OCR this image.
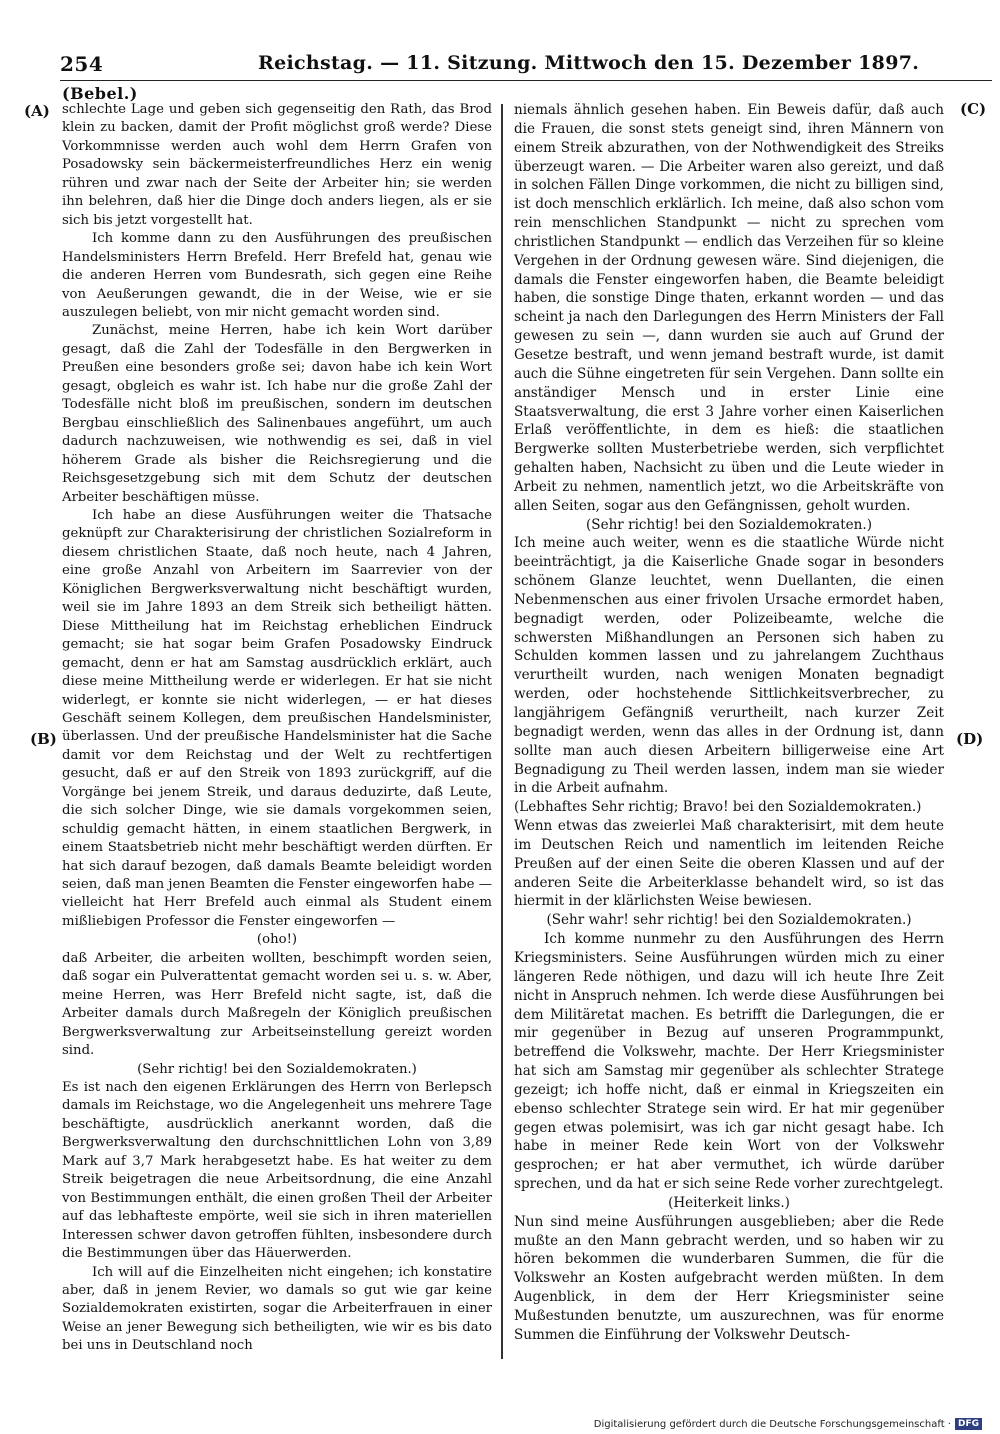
254	Reichstag. — 11. Sitzung. Mittwoch den 15. Dezember 1897.
(Bebel.)
(A)
(B)
(C)
(D)

schlechte Lage und geben sich gegenseitig den Rath, das Brod klein zu backen, damit der Profit möglichst groß werde? Diese Vorkommnisse werden auch wohl dem Herrn Grafen von Posadowsky sein bäckermeisterfreundliches Herz ein wenig rühren und zwar nach der Seite der Arbeiter hin; sie werden ihn belehren, daß hier die Dinge doch anders liegen, als er sie sich bis jetzt vorgestellt hat.

Ich komme dann zu den Ausführungen des preußischen Handelsministers Herrn Brefeld. Herr Brefeld hat, genau wie die anderen Herren vom Bundesrath, sich gegen eine Reihe von Aeußerungen gewandt, die in der Weise, wie er sie auszulegen beliebt, von mir nicht gemacht worden sind.

Zunächst, meine Herren, habe ich kein Wort darüber gesagt, daß die Zahl der Todesfälle in den Bergwerken in Preußen eine besonders große sei; davon habe ich kein Wort gesagt, obgleich es wahr ist. Ich habe nur die große Zahl der Todesfälle nicht bloß im preußischen, sondern im deutschen Bergbau einschließlich des Salinenbaues angeführt, um auch dadurch nachzuweisen, wie nothwendig es sei, daß in viel höherem Grade als bisher die Reichsregierung und die Reichsgesetzgebung sich mit dem Schutz der deutschen Arbeiter beschäftigen müsse.

Ich habe an diese Ausführungen weiter die Thatsache geknüpft zur Charakterisirung der christlichen Sozialreform in diesem christlichen Staate, daß noch heute, nach 4 Jahren, eine große Anzahl von Arbeitern im Saarrevier von der Königlichen Bergwerksverwaltung nicht beschäftigt wurden, weil sie im Jahre 1893 an dem Streik sich betheiligt hätten. Diese Mittheilung hat im Reichstag erheblichen Eindruck gemacht; sie hat sogar beim Grafen Posadowsky Eindruck gemacht, denn er hat am Samstag ausdrücklich erklärt, auch diese meine Mittheilung werde er widerlegen. Er hat sie nicht widerlegt, er konnte sie nicht widerlegen, — er hat dieses Geschäft seinem Kollegen, dem preußischen Handelsminister, überlassen. Und der preußische Handelsminister hat die Sache damit vor dem Reichstag und der Welt zu rechtfertigen gesucht, daß er auf den Streik von 1893 zurückgriff, auf die Vorgänge bei jenem Streik, und daraus deduzirte, daß Leute, die sich solcher Dinge, wie sie damals vorgekommen seien, schuldig gemacht hätten, in einem staatlichen Bergwerk, in einem Staatsbetrieb nicht mehr beschäftigt werden dürften. Er hat sich darauf bezogen, daß damals Beamte beleidigt worden seien, daß man jenen Beamten die Fenster eingeworfen habe — vielleicht hat Herr Brefeld auch einmal als Student einem mißliebigen Professor die Fenster eingeworfen —

(oho!)

daß Arbeiter, die arbeiten wollten, beschimpft worden seien, daß sogar ein Pulverattentat gemacht worden sei u. s. w. Aber, meine Herren, was Herr Brefeld nicht sagte, ist, daß die Arbeiter damals durch Maßregeln der Königlich preußischen Bergwerksverwaltung zur Arbeitseinstellung gereizt worden sind.

(Sehr richtig! bei den Sozialdemokraten.)

Es ist nach den eigenen Erklärungen des Herrn von Berlepsch damals im Reichstage, wo die Angelegenheit uns mehrere Tage beschäftigte, ausdrücklich anerkannt worden, daß die Bergwerksverwaltung den durchschnittlichen Lohn von 3,89 Mark auf 3,7 Mark herabgesetzt habe. Es hat weiter zu dem Streik beigetragen die neue Arbeitsordnung, die eine Anzahl von Bestimmungen enthält, die einen großen Theil der Arbeiter auf das lebhafteste empörte, weil sie sich in ihren materiellen Interessen schwer davon getroffen fühlten, insbesondere durch die Bestimmungen über das Häuerwerden.

Ich will auf die Einzelheiten nicht eingehen; ich konstatire aber, daß in jenem Revier, wo damals so gut wie gar keine Sozialdemokraten existirten, sogar die Arbeiterfrauen in einer Weise an jener Bewegung sich betheiligten, wie wir es bis dato bei uns in Deutschland noch

niemals ähnlich gesehen haben. Ein Beweis dafür, daß auch die Frauen, die sonst stets geneigt sind, ihren Männern von einem Streik abzurathen, von der Nothwendigkeit des Streiks überzeugt waren. — Die Arbeiter waren also gereizt, und daß in solchen Fällen Dinge vorkommen, die nicht zu billigen sind, ist doch menschlich erklärlich. Ich meine, daß also schon vom rein menschlichen Standpunkt — nicht zu sprechen vom christlichen Standpunkt — endlich das Verzeihen für so kleine Vergehen in der Ordnung gewesen wäre. Sind diejenigen, die damals die Fenster eingeworfen haben, die Beamte beleidigt haben, die sonstige Dinge thaten, erkannt worden — und das scheint ja nach den Darlegungen des Herrn Ministers der Fall gewesen zu sein —, dann wurden sie auch auf Grund der Gesetze bestraft, und wenn jemand bestraft wurde, ist damit auch die Sühne eingetreten für sein Vergehen. Dann sollte ein anständiger Mensch und in erster Linie eine Staatsverwaltung, die erst 3 Jahre vorher einen Kaiserlichen Erlaß veröffentlichte, in dem es hieß: die staatlichen Bergwerke sollten Musterbetriebe werden, sich verpflichtet gehalten haben, Nachsicht zu üben und die Leute wieder in Arbeit zu nehmen, namentlich jetzt, wo die Arbeitskräfte von allen Seiten, sogar aus den Gefängnissen, geholt wurden.

(Sehr richtig! bei den Sozialdemokraten.)

Ich meine auch weiter, wenn es die staatliche Würde nicht beeinträchtigt, ja die Kaiserliche Gnade sogar in besonders schönem Glanze leuchtet, wenn Duellanten, die einen Nebenmenschen aus einer frivolen Ursache ermordet haben, begnadigt werden, oder Polizeibeamte, welche die schwersten Mißhandlungen an Personen sich haben zu Schulden kommen lassen und zu jahrelangem Zuchthaus verurtheilt wurden, nach wenigen Monaten begnadigt werden, oder hochstehende Sittlichkeitsverbrecher, zu langjährigem Gefängniß verurtheilt, nach kurzer Zeit begnadigt werden, wenn das alles in der Ordnung ist, dann sollte man auch diesen Arbeitern billigerweise eine Art Begnadigung zu Theil werden lassen, indem man sie wieder in die Arbeit aufnahm.

(Lebhaftes Sehr richtig; Bravo! bei den Sozialdemokraten.)

Wenn etwas das zweierlei Maß charakterisirt, mit dem heute im Deutschen Reich und namentlich im leitenden Reiche Preußen auf der einen Seite die oberen Klassen und auf der anderen Seite die Arbeiterklasse behandelt wird, so ist das hiermit in der klärlichsten Weise bewiesen.

(Sehr wahr! sehr richtig! bei den Sozialdemokraten.)

Ich komme nunmehr zu den Ausführungen des Herrn Kriegsministers. Seine Ausführungen würden mich zu einer längeren Rede nöthigen, und dazu will ich heute Ihre Zeit nicht in Anspruch nehmen. Ich werde diese Ausführungen bei dem Militäretat machen. Es betrifft die Darlegungen, die er mir gegenüber in Bezug auf unseren Programmpunkt, betreffend die Volkswehr, machte. Der Herr Kriegsminister hat sich am Samstag mir gegenüber als schlechter Stratege gezeigt; ich hoffe nicht, daß er einmal in Kriegszeiten ein ebenso schlechter Stratege sein wird. Er hat mir gegenüber gegen etwas polemisirt, was ich gar nicht gesagt habe. Ich habe in meiner Rede kein Wort von der Volkswehr gesprochen; er hat aber vermuthet, ich würde darüber sprechen, und da hat er sich seine Rede vorher zurechtgelegt.

(Heiterkeit links.)

Nun sind meine Ausführungen ausgeblieben; aber die Rede mußte an den Mann gebracht werden, und so haben wir zu hören bekommen die wunderbaren Summen, die für die Volkswehr an Kosten aufgebracht werden müßten. In dem Augenblick, in dem der Herr Kriegsminister seine Mußestunden benutzte, um auszurechnen, was für enorme Summen die Einführung der Volkswehr Deutsch-

Digitalisierung gefördert durch die Deutsche Forschungsgemeinschaft · DFG
